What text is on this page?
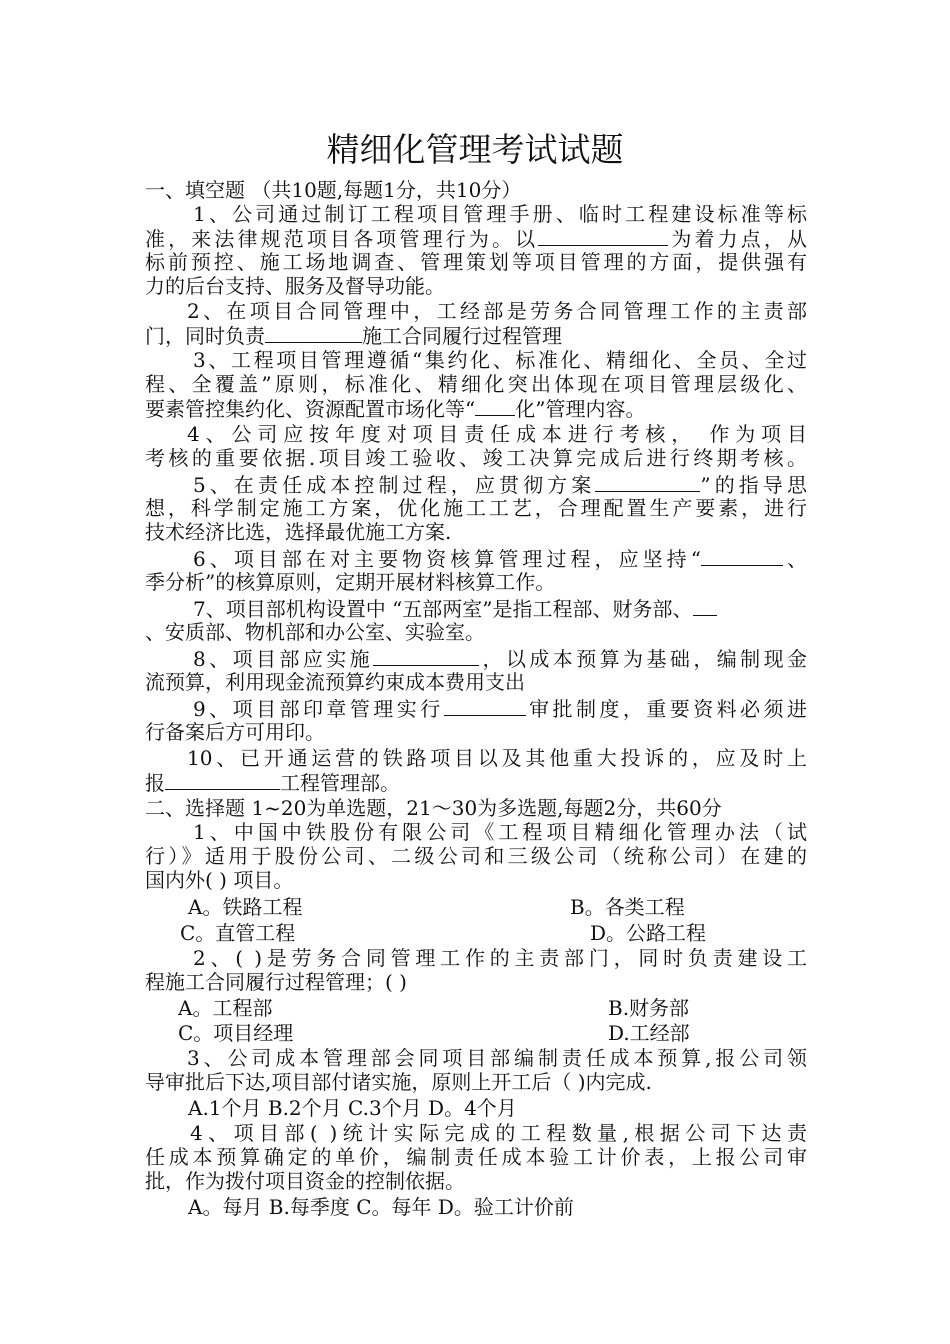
精细化管理考试试题
一、填空题 （共10题,每题1分，共10分）
1、公司通过制订工程项目管理手册、临时工程建设标准等标
准，来法律规范项目各项管理行为。以	为着力点，从
标前预控、施工场地调查、管理策划等项目管理的方面，提供强有
力的后台支持、服务及督导功能。
2、在项目合同管理中，工经部是劳务合同管理工作的主责部
门，同时负责	施工合同履行过程管理
3、工程项目管理遵循“集约化、标准化、精细化、全员、全过
程、全覆盖”原则，标准化、精细化突出体现在项目管理层级化、
要素管控集约化、资源配置市场化等“ 化”管理内容。
4、公司应按年度对项目责任成本进行考核， 作为项目
考核的重要依据.项目竣工验收、竣工决算完成后进行终期考核。
5、在责任成本控制过程，应贯彻方案	”的指导思
想，科学制定施工方案，优化施工工艺，合理配置生产要素，进行
技术经济比选，选择最优施工方案.
6、项目部在对主要物资核算管理过程，应坚持“	、
季分析”的核算原则，定期开展材料核算工作。
7、项目部机构设置中 “五部两室”是指工程部、财务部、
、安质部、物机部和办公室、实验室。
8、项目部应实施	，以成本预算为基础，编制现金
流预算，利用现金流预算约束成本费用支出
9、项目部印章管理实行	审批制度，重要资料必须进
行备案后方可用印。
10、已开通运营的铁路项目以及其他重大投诉的，应及时上
报	工程管理部。
二、选择题 1~20为单选题，21～30为多选题,每题2分，共60分
1、中国中铁股份有限公司《工程项目精细化管理办法（试
行）》适用于股份公司、二级公司和三级公司（统称公司）在建的
国内外( ) 项目。
A。铁路工程	B。各类工程
C。直管工程	D。公路工程
2、( )是劳务合同管理工作的主责部门，同时负责建设工
程施工合同履行过程管理；( )
A。工程部	B.财务部
C。项目经理	D.工经部
3、公司成本管理部会同项目部编制责任成本预算,报公司领
导审批后下达,项目部付诸实施，原则上开工后（ )内完成.
A.1个月 B.2个月 C.3个月 D。4个月
4、项目部( )统计实际完成的工程数量,根据公司下达责
任成本预算确定的单价，编制责任成本验工计价表，上报公司审
批，作为拨付项目资金的控制依据。
A。每月 B.每季度 C。每年 D。验工计价前
